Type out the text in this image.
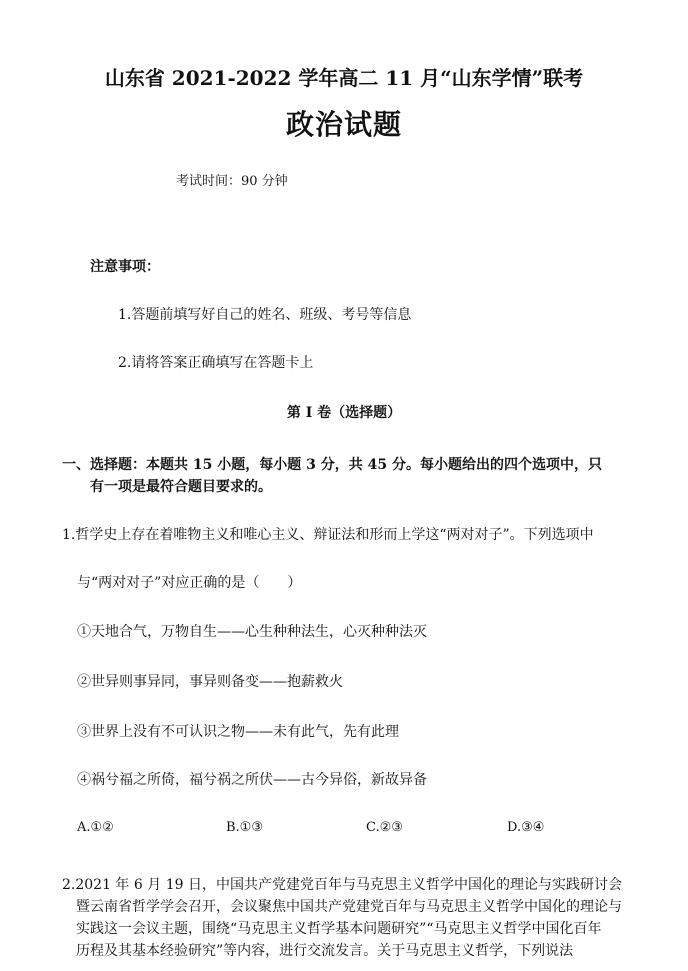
山东省 2021-2022 学年高二 11 月“山东学情”联考
政治试题
考试时间：90 分钟
注意事项：
1.答题前填写好自己的姓名、班级、考号等信息
2.请将答案正确填写在答题卡上
第 I 卷（选择题）
一、选择题：本题共 15 小题，每小题 3 分，共 45 分。每小题给出的四个选项中，只
有一项是最符合题目要求的。
1.哲学史上存在着唯物主义和唯心主义、辩证法和形而上学这“两对对子”。下列选项中
与“两对对子”对应正确的是（　　）
①天地合气，万物自生——心生种种法生，心灭种种法灭
②世异则事异同，事异则备变——抱薪救火
③世界上没有不可认识之物——未有此气，先有此理
④祸兮福之所倚，福兮祸之所伏——古今异俗，新故异备
A.①②	B.①③	C.②③	D.③④
2.2021 年 6 月 19 日，中国共产党建党百年与马克思主义哲学中国化的理论与实践研讨会
暨云南省哲学学会召开，会议聚焦中国共产党建党百年与马克思主义哲学中国化的理论与
实践这一会议主题，围绕“马克思主义哲学基本问题研究”“马克思主义哲学中国化百年
历程及其基本经验研究”等内容，进行交流发言。关于马克思主义哲学，下列说法
